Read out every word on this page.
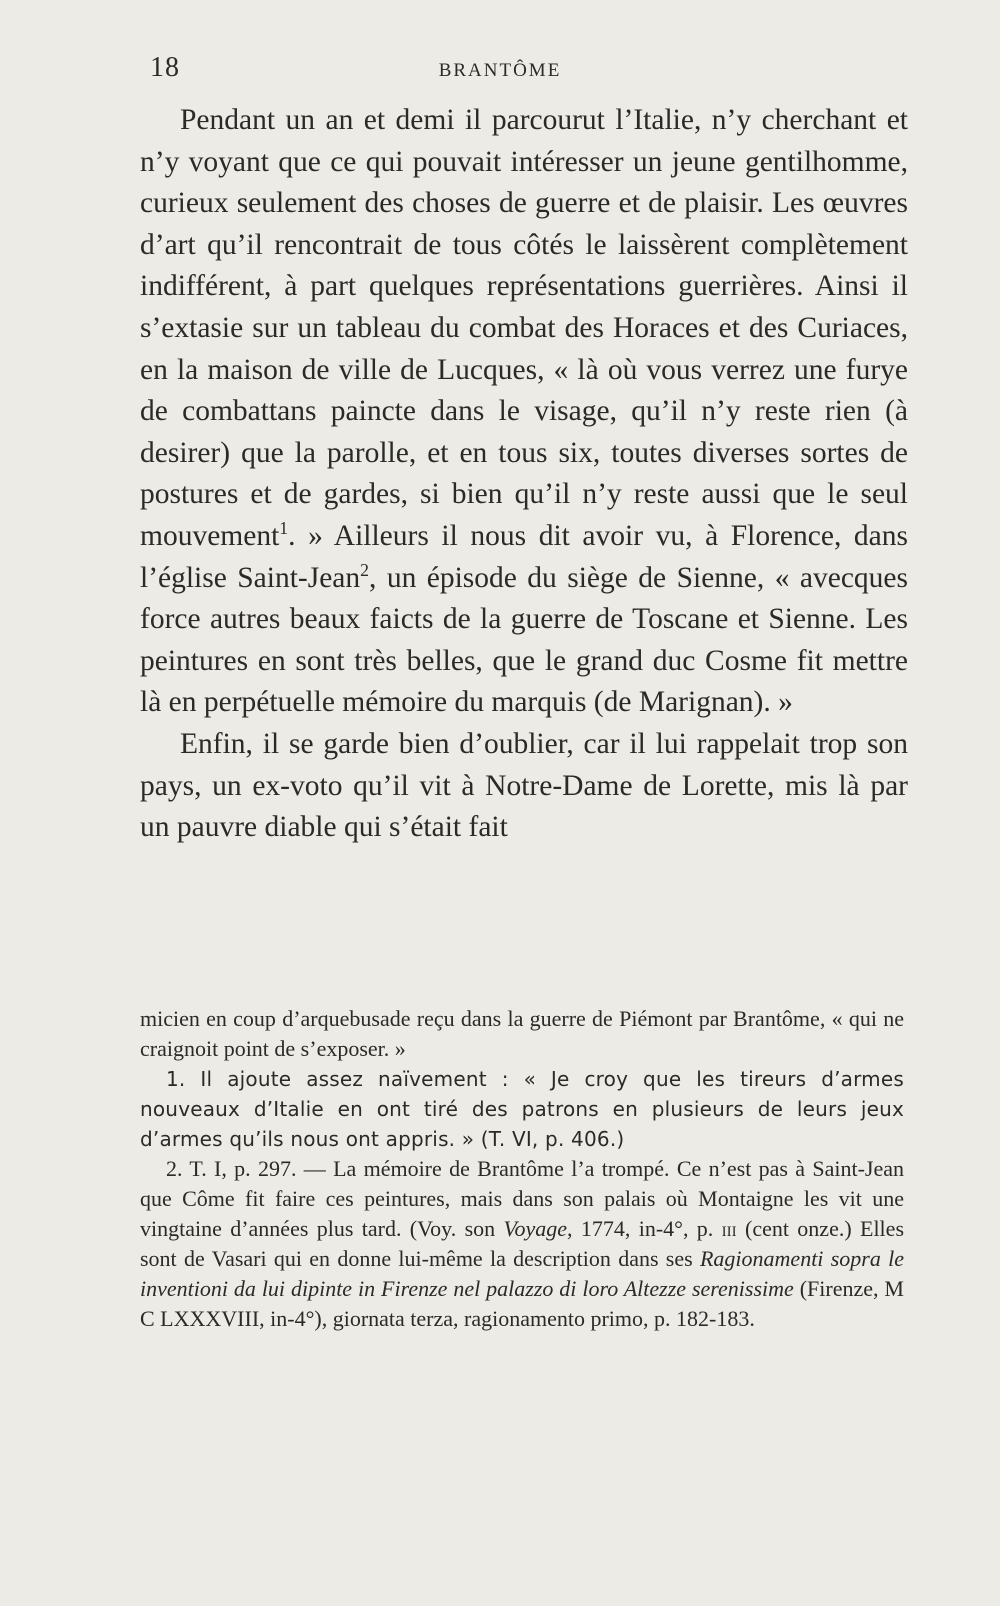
18	BRANTÔME

Pendant un an et demi il parcourut l’Italie, n’y cherchant et n’y voyant que ce qui pouvait intéresser un jeune gentilhomme, curieux seulement des choses de guerre et de plaisir. Les œuvres d’art qu’il rencontrait de tous côtés le laissèrent complètement indifférent, à part quelques représentations guerrières. Ainsi il s’extasie sur un tableau du combat des Horaces et des Curiaces, en la maison de ville de Lucques, « là où vous verrez une furye de combattans paincte dans le visage, qu’il n’y reste rien (à desirer) que la parolle, et en tous six, toutes diverses sortes de postures et de gardes, si bien qu’il n’y reste aussi que le seul mouvement$^1$. » Ailleurs il nous dit avoir vu, à Florence, dans l’église Saint-Jean$^2$, un épisode du siège de Sienne, « avecques force autres beaux faicts de la guerre de Toscane et Sienne. Les peintures en sont très belles, que le grand duc Cosme fit mettre là en perpétuelle mémoire du marquis (de Marignan). »

Enfin, il se garde bien d’oublier, car il lui rappelait trop son pays, un ex-voto qu’il vit à Notre-Dame de Lorette, mis là par un pauvre diable qui s’était fait

micien en coup d’arquebusade reçu dans la guerre de Piémont par Brantôme, « qui ne craignoit point de s’exposer. »

1. Il ajoute assez naïvement : « Je croy que les tireurs d’armes nouveaux d’Italie en ont tiré des patrons en plusieurs de leurs jeux d’armes qu’ils nous ont appris. » (T. VI, p. 406.)

2. T. I, p. 297. — La mémoire de Brantôme l’a trompé. Ce n’est pas à Saint-Jean que Côme fit faire ces peintures, mais dans son palais où Montaigne les vit une vingtaine d’années plus tard. (Voy. son Voyage, 1774, in-4°, p. iii (cent onze.) Elles sont de Vasari qui en donne lui-même la description dans ses Ragionamenti sopra le inventioni da lui dipinte in Firenze nel palazzo di loro Altezze serenissime (Firenze, M C LXXXVIII, in-4°), giornata terza, ragionamento primo, p. 182-183.
